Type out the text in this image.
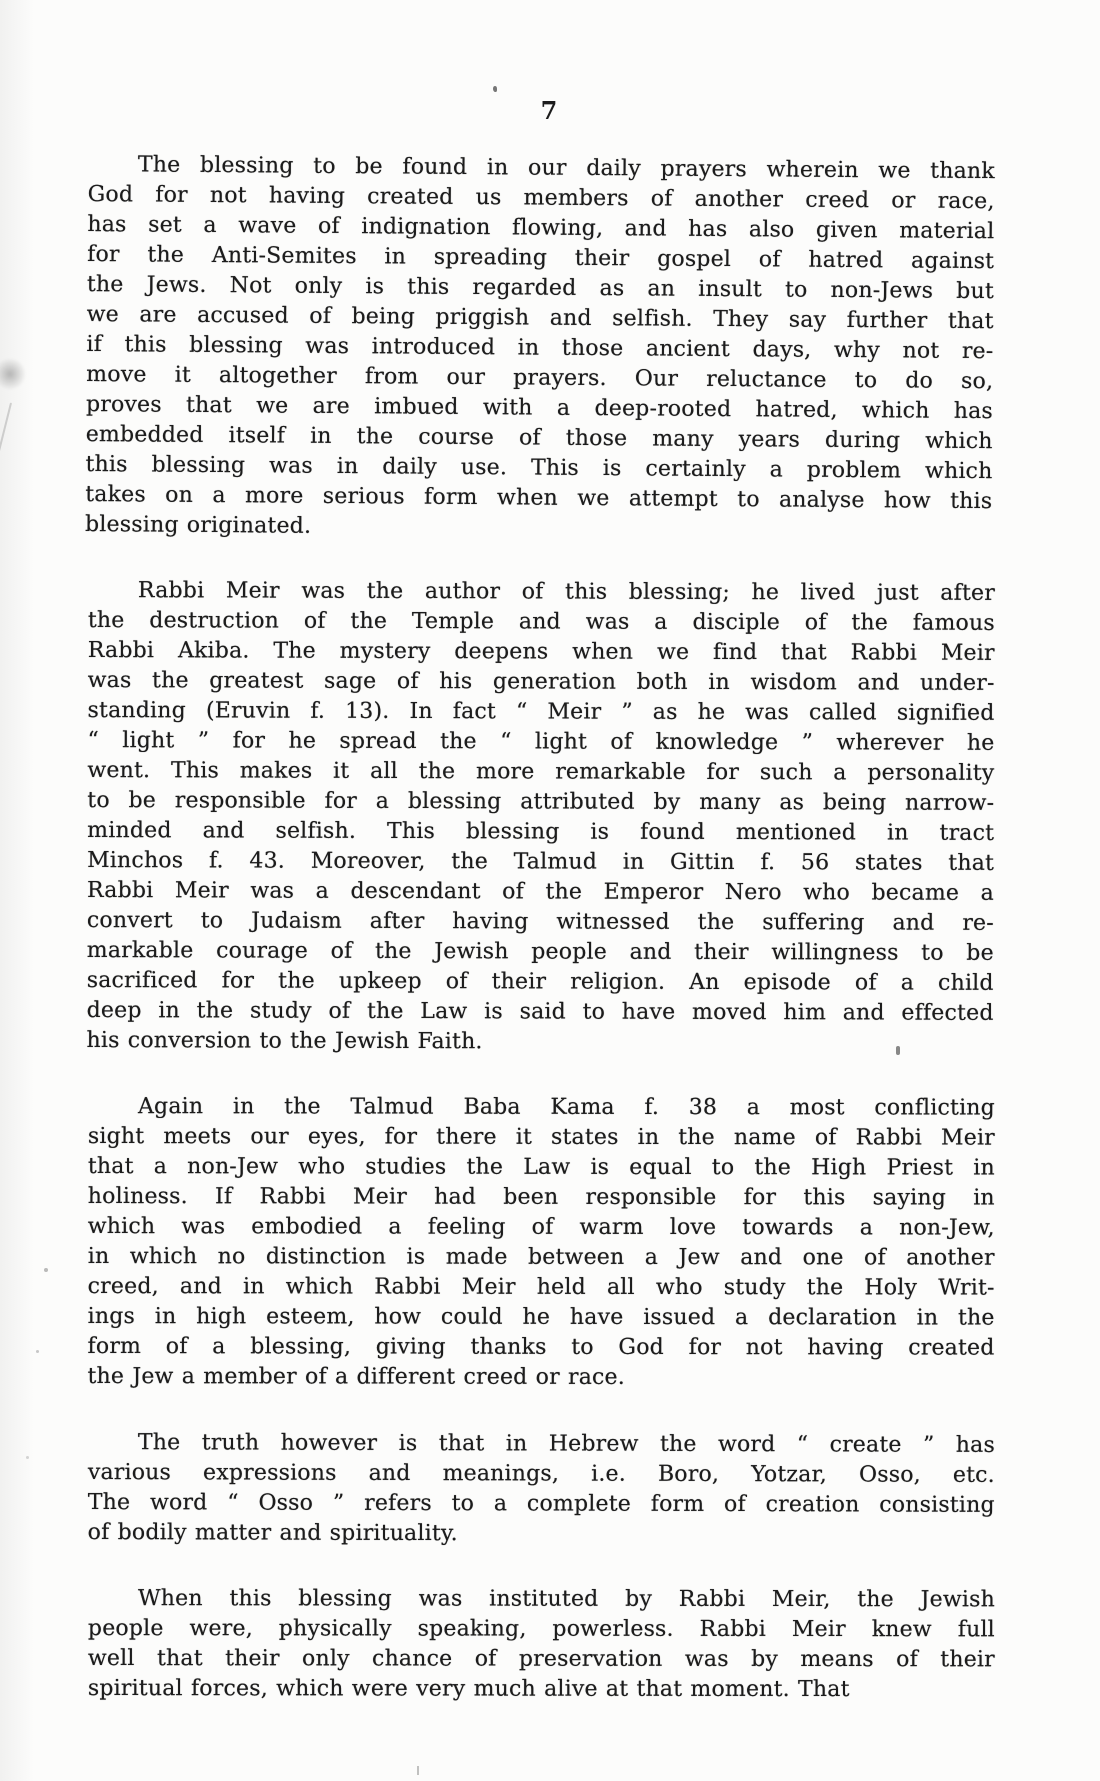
7

The blessing to be found in our daily prayers wherein we thank
God for not having created us members of another creed or race,
has set a wave of indignation flowing, and has also given material
for the Anti-Semites in spreading their gospel of hatred against
the Jews. Not only is this regarded as an insult to non-Jews but
we are accused of being priggish and selfish. They say further that
if this blessing was introduced in those ancient days, why not re-
move it altogether from our prayers. Our reluctance to do so,
proves that we are imbued with a deep-rooted hatred, which has
embedded itself in the course of those many years during which
this blessing was in daily use. This is certainly a problem which
takes on a more serious form when we attempt to analyse how this
blessing originated.

Rabbi Meir was the author of this blessing; he lived just after
the destruction of the Temple and was a disciple of the famous
Rabbi Akiba. The mystery deepens when we find that Rabbi Meir
was the greatest sage of his generation both in wisdom and under-
standing (Eruvin f. 13). In fact “ Meir ” as he was called signified
“ light ” for he spread the “ light of knowledge ” wherever he
went. This makes it all the more remarkable for such a personality
to be responsible for a blessing attributed by many as being narrow-
minded and selfish. This blessing is found mentioned in tract
Minchos f. 43. Moreover, the Talmud in Gittin f. 56 states that
Rabbi Meir was a descendant of the Emperor Nero who became a
convert to Judaism after having witnessed the suffering and re-
markable courage of the Jewish people and their willingness to be
sacrificed for the upkeep of their religion. An episode of a child
deep in the study of the Law is said to have moved him and effected
his conversion to the Jewish Faith.

Again in the Talmud Baba Kama f. 38 a most conflicting
sight meets our eyes, for there it states in the name of Rabbi Meir
that a non-Jew who studies the Law is equal to the High Priest in
holiness. If Rabbi Meir had been responsible for this saying in
which was embodied a feeling of warm love towards a non-Jew,
in which no distinction is made between a Jew and one of another
creed, and in which Rabbi Meir held all who study the Holy Writ-
ings in high esteem, how could he have issued a declaration in the
form of a blessing, giving thanks to God for not having created
the Jew a member of a different creed or race.

The truth however is that in Hebrew the word “ create ” has
various expressions and meanings, i.e. Boro, Yotzar, Osso, etc.
The word “ Osso ” refers to a complete form of creation consisting
of bodily matter and spirituality.

When this blessing was instituted by Rabbi Meir, the Jewish
people were, physically speaking, powerless. Rabbi Meir knew full
well that their only chance of preservation was by means of their
spiritual forces, which were very much alive at that moment. That
